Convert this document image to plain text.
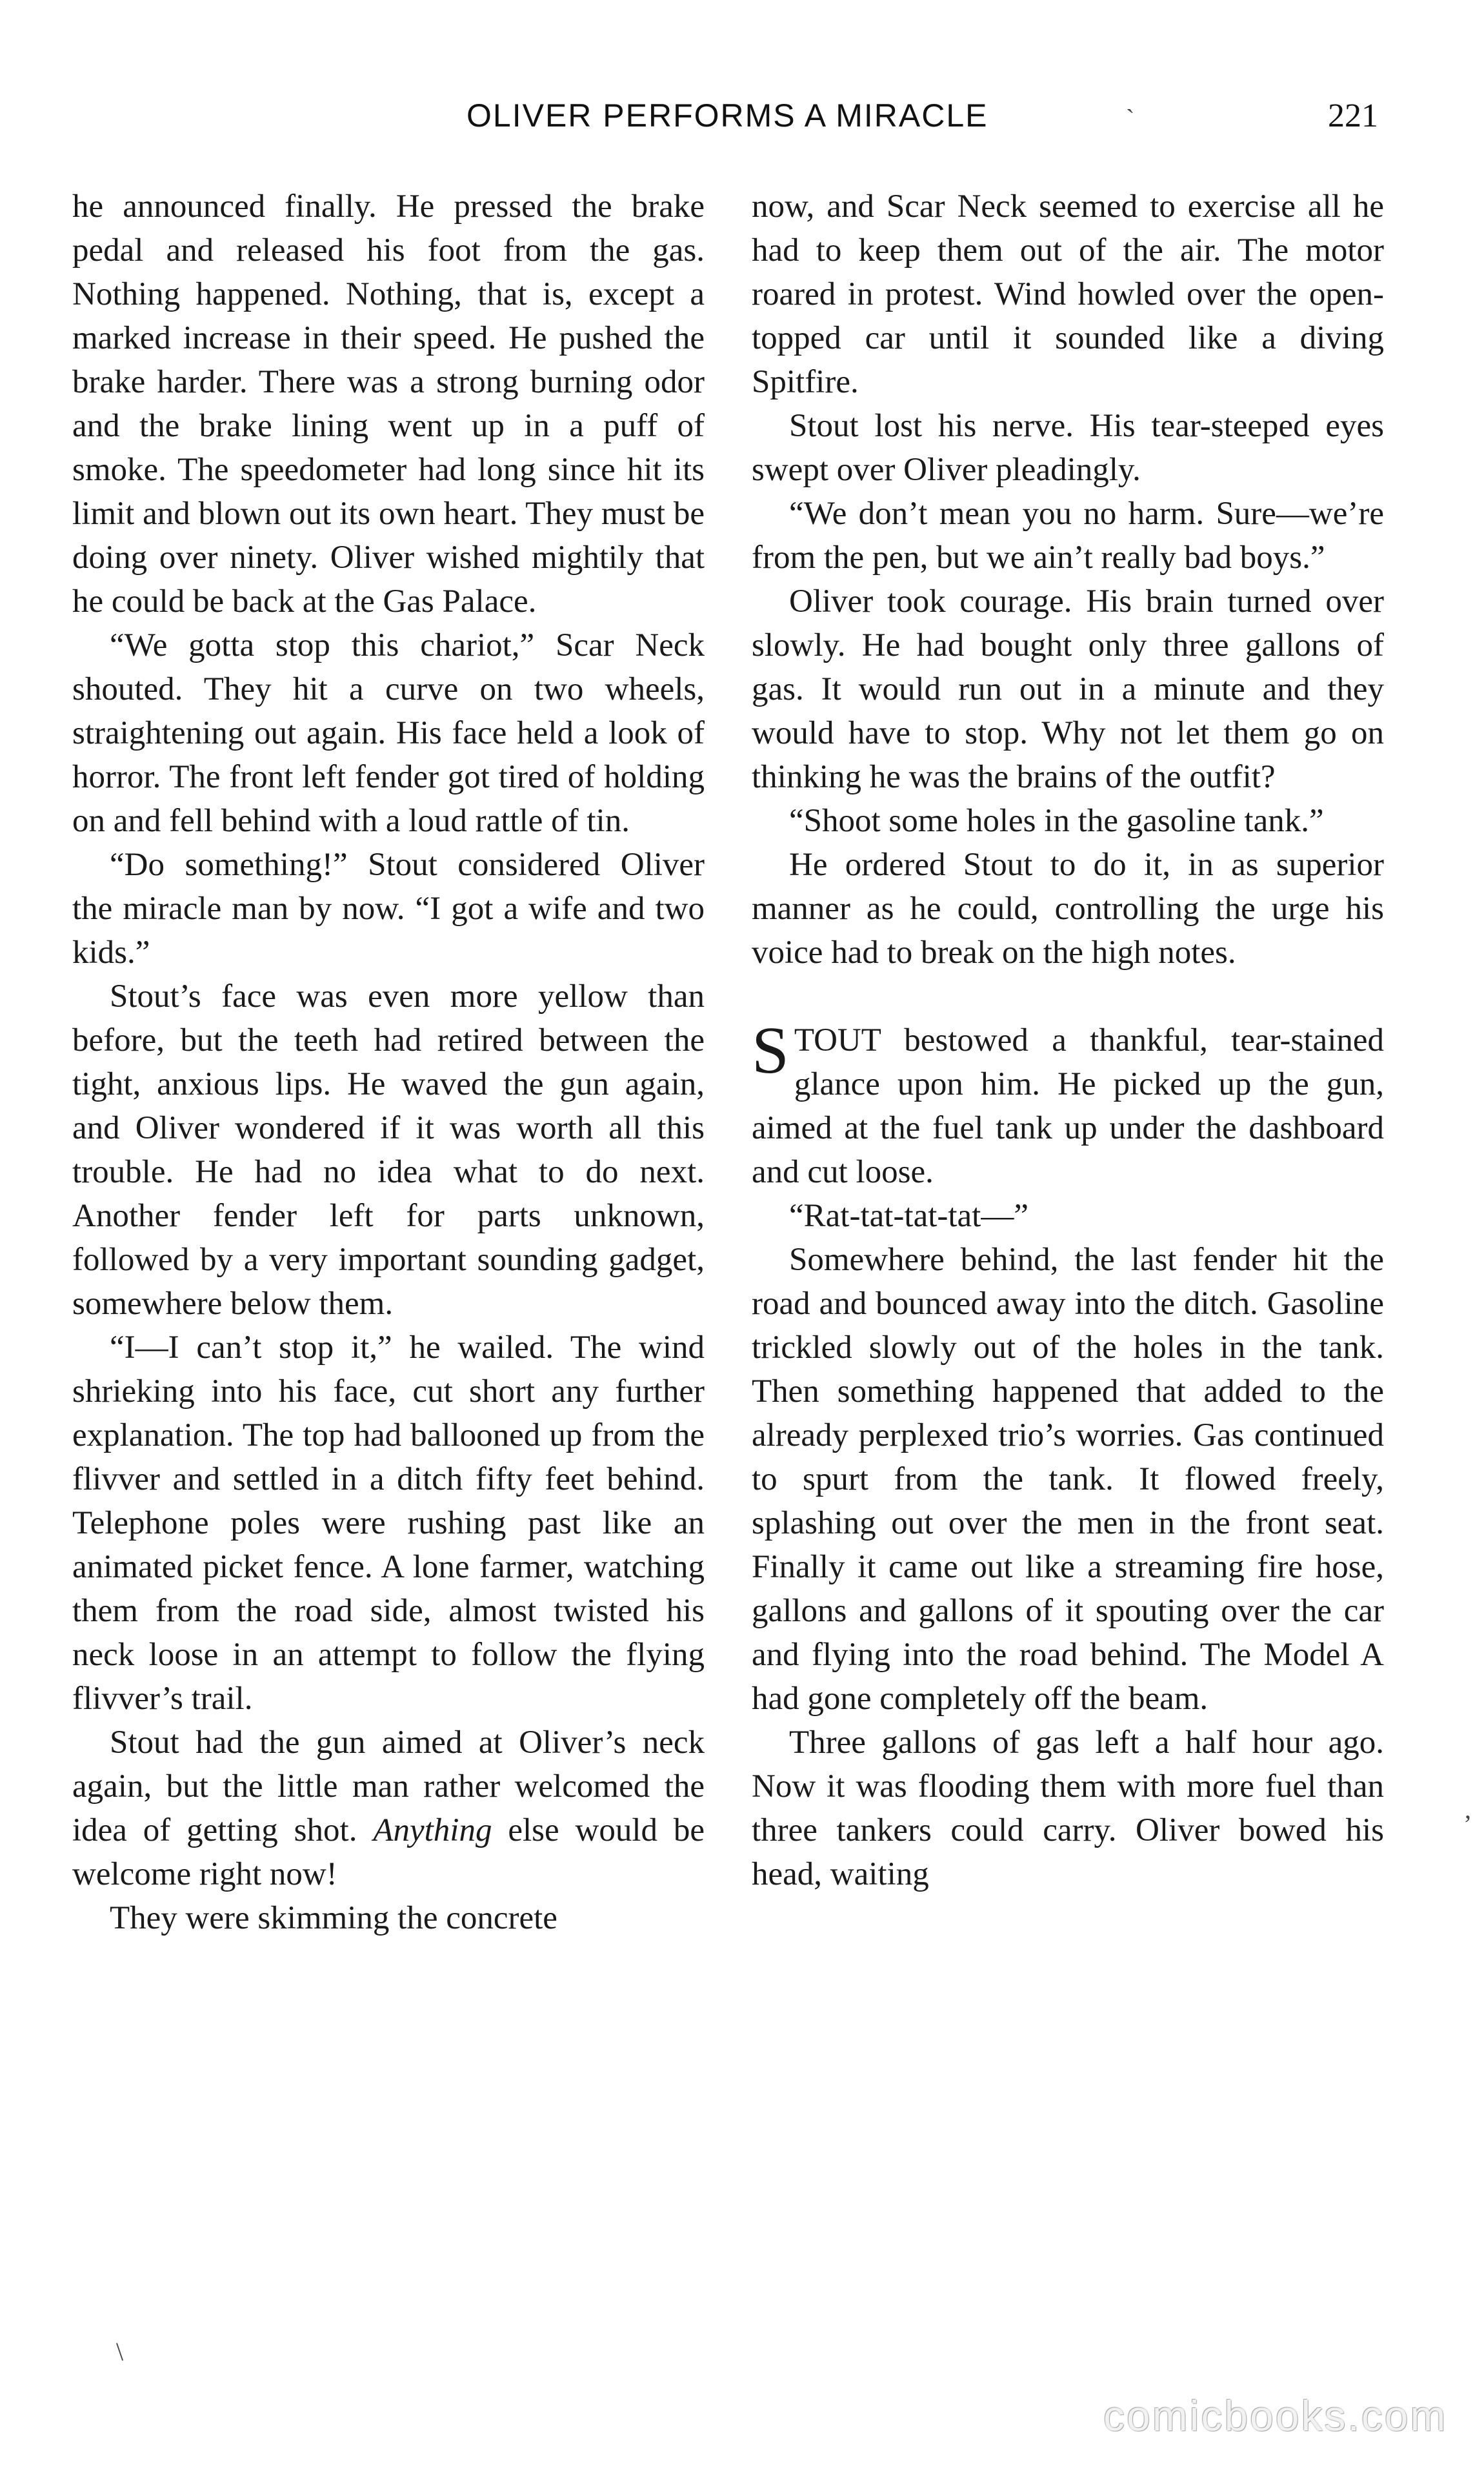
OLIVER PERFORMS A MIRACLE	221

he announced finally. He pressed the brake pedal and released his foot from the gas. Nothing happened. Nothing, that is, except a marked increase in their speed. He pushed the brake harder. There was a strong burning odor and the brake lining went up in a puff of smoke. The speedometer had long since hit its limit and blown out its own heart. They must be doing over ninety. Oliver wished mightily that he could be back at the Gas Palace.

“We gotta stop this chariot,” Scar Neck shouted. They hit a curve on two wheels, straightening out again. His face held a look of horror. The front left fender got tired of holding on and fell behind with a loud rattle of tin.

“Do something!” Stout considered Oliver the miracle man by now. “I got a wife and two kids.”

Stout’s face was even more yellow than before, but the teeth had retired between the tight, anxious lips. He waved the gun again, and Oliver wondered if it was worth all this trouble. He had no idea what to do next. Another fender left for parts unknown, followed by a very important sounding gadget, somewhere below them.

“I—I can’t stop it,” he wailed. The wind shrieking into his face, cut short any further explanation. The top had ballooned up from the flivver and settled in a ditch fifty feet behind. Telephone poles were rushing past like an animated picket fence. A lone farmer, watching them from the road side, almost twisted his neck loose in an attempt to follow the flying flivver’s trail.

Stout had the gun aimed at Oliver’s neck again, but the little man rather welcomed the idea of getting shot. Anything else would be welcome right now!

They were skimming the concrete

now, and Scar Neck seemed to exercise all he had to keep them out of the air. The motor roared in protest. Wind howled over the open-topped car until it sounded like a diving Spitfire.

Stout lost his nerve. His tear-steeped eyes swept over Oliver pleadingly.

“We don’t mean you no harm. Sure—we’re from the pen, but we ain’t really bad boys.”

Oliver took courage. His brain turned over slowly. He had bought only three gallons of gas. It would run out in a minute and they would have to stop. Why not let them go on thinking he was the brains of the outfit?

“Shoot some holes in the gasoline tank.”

He ordered Stout to do it, in as superior manner as he could, controlling the urge his voice had to break on the high notes.

STOUT bestowed a thankful, tear-stained glance upon him. He picked up the gun, aimed at the fuel tank up under the dashboard and cut loose.

“Rat-tat-tat-tat—”

Somewhere behind, the last fender hit the road and bounced away into the ditch. Gasoline trickled slowly out of the holes in the tank. Then something happened that added to the already perplexed trio’s worries. Gas continued to spurt from the tank. It flowed freely, splashing out over the men in the front seat. Finally it came out like a streaming fire hose, gallons and gallons of it spouting over the car and flying into the road behind. The Model A had gone completely off the beam.

Three gallons of gas left a half hour ago. Now it was flooding them with more fuel than three tankers could carry. Oliver bowed his head, waiting

ˋ
\
,
comicbooks.com
